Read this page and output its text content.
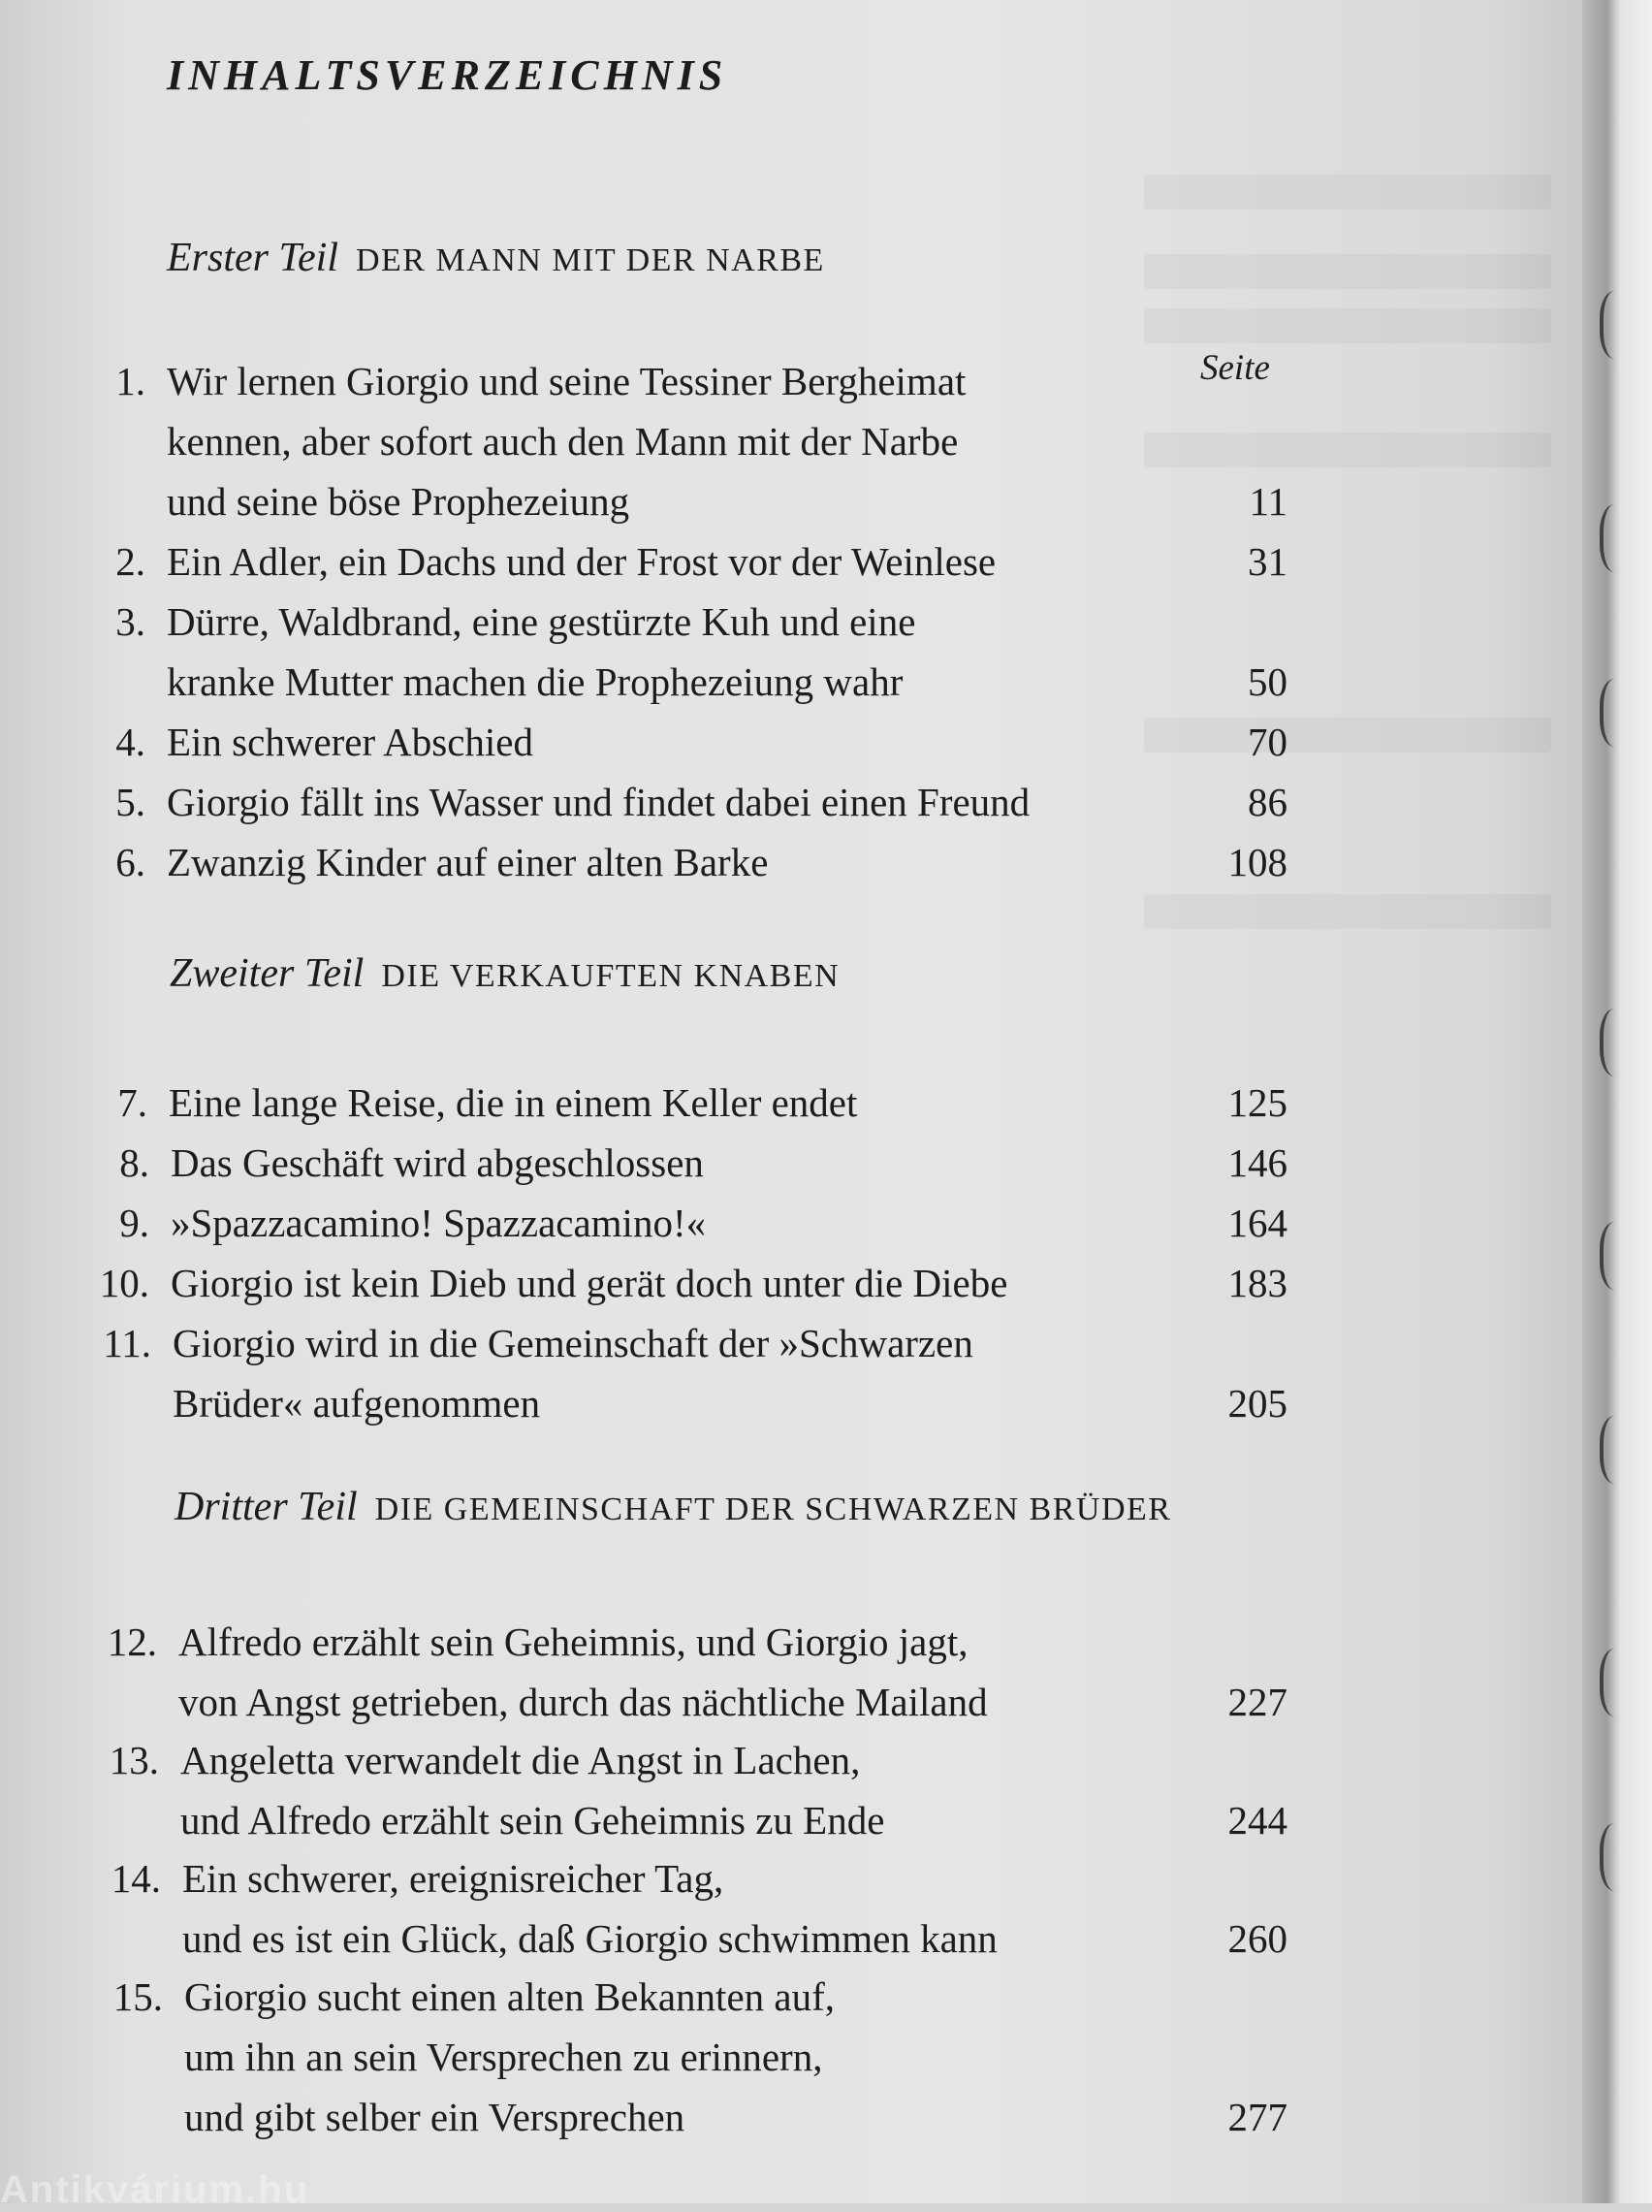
INHALTSVERZEICHNIS
Erster Teil DER MANN MIT DER NARBE
Zweiter Teil DIE VERKAUFTEN KNABEN
Dritter Teil DIE GEMEINSCHAFT DER SCHWARZEN BRÜDER
Seite
1. Wir lernen Giorgio und seine Tessiner Bergheimat
kennen, aber sofort auch den Mann mit der Narbe
und seine böse Prophezeiung	11
2. Ein Adler, ein Dachs und der Frost vor der Weinlese	31
3. Dürre, Waldbrand, eine gestürzte Kuh und eine
kranke Mutter machen die Prophezeiung wahr	50
4. Ein schwerer Abschied	70
5. Giorgio fällt ins Wasser und findet dabei einen Freund	86
6. Zwanzig Kinder auf einer alten Barke	108
7. Eine lange Reise, die in einem Keller endet	125
8. Das Geschäft wird abgeschlossen	146
9. »Spazzacamino! Spazzacamino!«	164
10. Giorgio ist kein Dieb und gerät doch unter die Diebe	183
11. Giorgio wird in die Gemeinschaft der »Schwarzen
Brüder« aufgenommen	205
12. Alfredo erzählt sein Geheimnis, und Giorgio jagt,
von Angst getrieben, durch das nächtliche Mailand	227
13. Angeletta verwandelt die Angst in Lachen,
und Alfredo erzählt sein Geheimnis zu Ende	244
14. Ein schwerer, ereignisreicher Tag,
und es ist ein Glück, daß Giorgio schwimmen kann	260
15. Giorgio sucht einen alten Bekannten auf,
um ihn an sein Versprechen zu erinnern,
und gibt selber ein Versprechen	277
Antikvárium.hu
